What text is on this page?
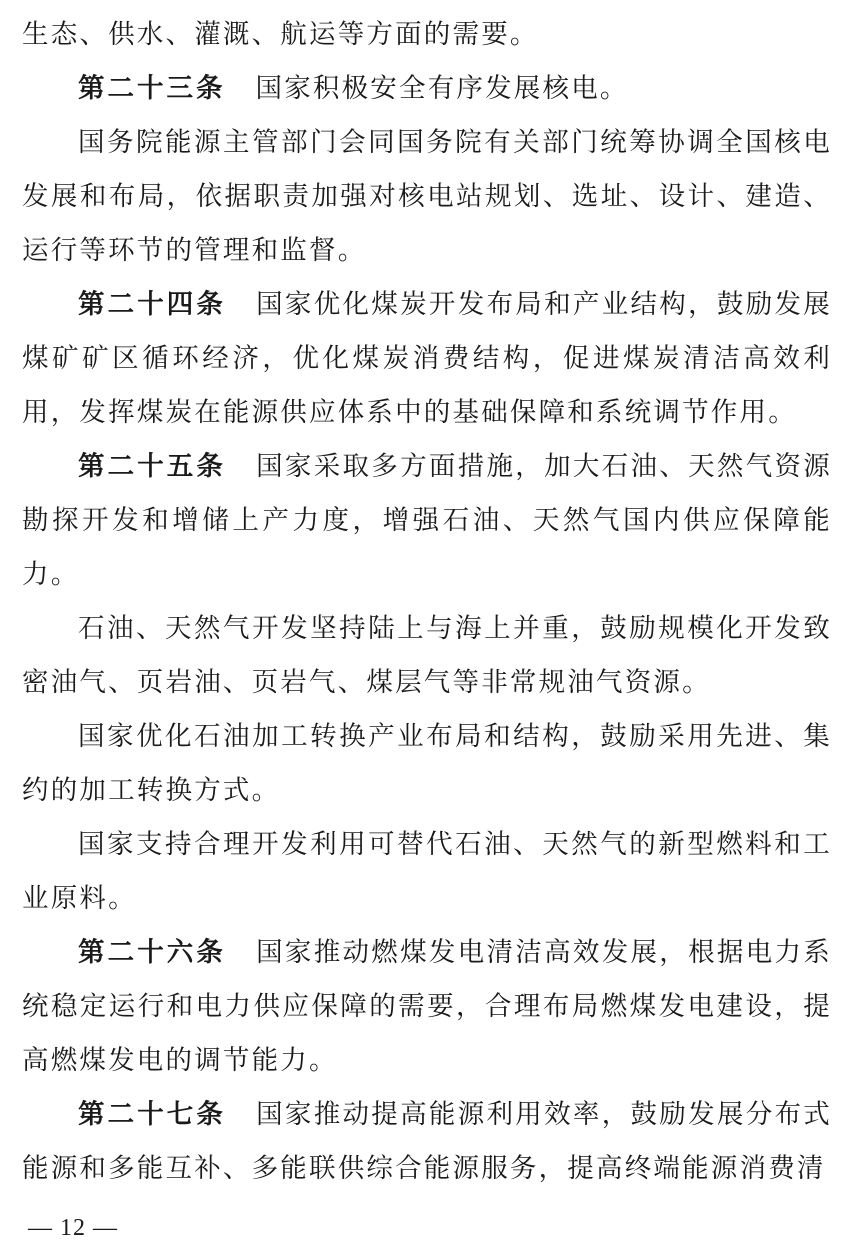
生态、供水、灌溉、航运等方面的需要。

第二十三条 国家积极安全有序发展核电。

国务院能源主管部门会同国务院有关部门统筹协调全国核电发展和布局，依据职责加强对核电站规划、选址、设计、建造、运行等环节的管理和监督。

第二十四条 国家优化煤炭开发布局和产业结构，鼓励发展煤矿矿区循环经济，优化煤炭消费结构，促进煤炭清洁高效利用，发挥煤炭在能源供应体系中的基础保障和系统调节作用。

第二十五条 国家采取多方面措施，加大石油、天然气资源勘探开发和增储上产力度，增强石油、天然气国内供应保障能力。

石油、天然气开发坚持陆上与海上并重，鼓励规模化开发致密油气、页岩油、页岩气、煤层气等非常规油气资源。

国家优化石油加工转换产业布局和结构，鼓励采用先进、集约的加工转换方式。

国家支持合理开发利用可替代石油、天然气的新型燃料和工业原料。

第二十六条 国家推动燃煤发电清洁高效发展，根据电力系统稳定运行和电力供应保障的需要，合理布局燃煤发电建设，提高燃煤发电的调节能力。

第二十七条 国家推动提高能源利用效率，鼓励发展分布式能源和多能互补、多能联供综合能源服务，提高终端能源消费清

— 12 —
